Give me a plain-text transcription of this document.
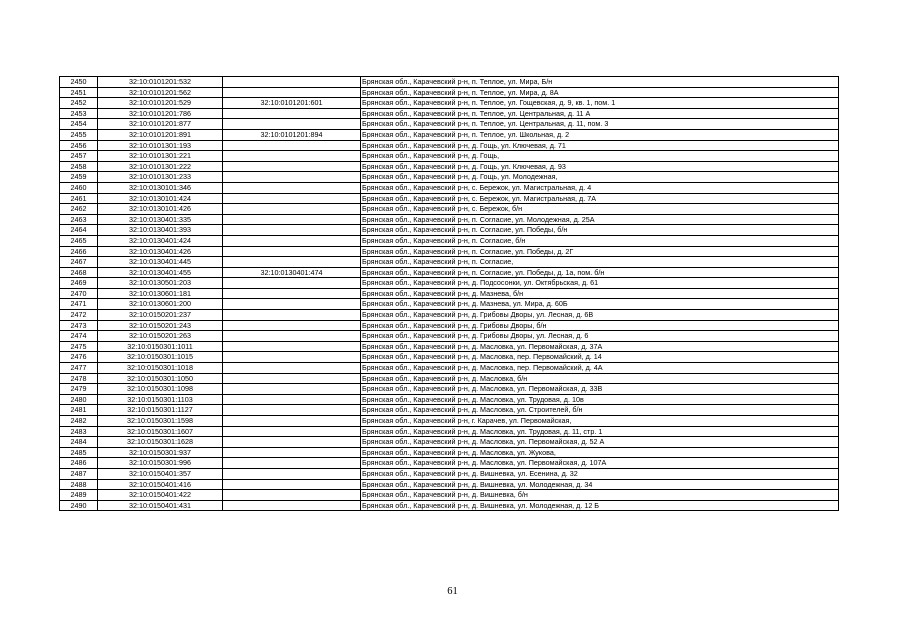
2450	32:10:0101201:532		Брянская обл., Карачевский р-н, п. Теплое, ул. Мира, Б/н
2451	32:10:0101201:562		Брянская обл., Карачевский р-н, п. Теплое, ул. Мира, д. 8А
2452	32:10:0101201:529	32:10:0101201:601	Брянская обл., Карачевский р-н, п. Теплое, ул. Гощевская, д. 9, кв. 1, пом. 1
2453	32:10:0101201:786		Брянская обл., Карачевский р-н, п. Теплое, ул. Центральная, д. 11 А
2454	32:10:0101201:877		Брянская обл., Карачевский р-н, п. Теплое, ул. Центральная, д. 11, пом. 3
2455	32:10:0101201:891	32:10:0101201:894	Брянская обл., Карачевский р-н, п. Теплое, ул. Школьная, д. 2
2456	32:10:0101301:193		Брянская обл., Карачевский р-н, д. Гощь, ул. Ключевая, д. 71
2457	32:10:0101301:221		Брянская обл., Карачевский р-н, д. Гощь,
2458	32:10:0101301:222		Брянская обл., Карачевский р-н, д. Гощь, ул. Ключевая, д. 93
2459	32:10:0101301:233		Брянская обл., Карачевский р-н, д. Гощь, ул. Молодежная,
2460	32:10:0130101:346		Брянская обл., Карачевский р-н, с. Бережок, ул. Магистральная, д. 4
2461	32:10:0130101:424		Брянская обл., Карачевский р-н, с. Бережок, ул. Магистральная, д. 7А
2462	32:10:0130101:426		Брянская обл., Карачевский р-н, с. Бережок, б/н
2463	32:10:0130401:335		Брянская обл., Карачевский р-н, п. Согласие, ул. Молодежная, д. 25А
2464	32:10:0130401:393		Брянская обл., Карачевский р-н, п. Согласие, ул. Победы, б/н
2465	32:10:0130401:424		Брянская обл., Карачевский р-н, п. Согласие, б/н
2466	32:10:0130401:426		Брянская обл., Карачевский р-н, п. Согласие, ул. Победы, д. 2Г
2467	32:10:0130401:445		Брянская обл., Карачевский р-н, п. Согласие,
2468	32:10:0130401:455	32:10:0130401:474	Брянская обл., Карачевский р-н, п. Согласие, ул. Победы, д. 1а, пом. б/н
2469	32:10:0130501:203		Брянская обл., Карачевский р-н, д. Подсосонки, ул. Октябрьская, д. 61
2470	32:10:0130601:181		Брянская обл., Карачевский р-н, д. Мазнева, б/н
2471	32:10:0130601:200		Брянская обл., Карачевский р-н, д. Мазнева, ул. Мира, д. 60Б
2472	32:10:0150201:237		Брянская обл., Карачевский р-н, д. Грибовы Дворы, ул. Лесная, д. 6В
2473	32:10:0150201:243		Брянская обл., Карачевский р-н, д. Грибовы Дворы, б/н
2474	32:10:0150201:263		Брянская обл., Карачевский р-н, д. Грибовы Дворы, ул. Лесная, д. 6
2475	32:10:0150301:1011		Брянская обл., Карачевский р-н, д. Масловка, ул. Первомайская, д. 37А
2476	32:10:0150301:1015		Брянская обл., Карачевский р-н, д. Масловка, пер. Первомайский, д. 14
2477	32:10:0150301:1018		Брянская обл., Карачевский р-н, д. Масловка, пер. Первомайский, д. 4А
2478	32:10:0150301:1050		Брянская обл., Карачевский р-н, д. Масловка, б/н
2479	32:10:0150301:1098		Брянская обл., Карачевский р-н, д. Масловка, ул. Первомайская, д. 33В
2480	32:10:0150301:1103		Брянская обл., Карачевский р-н, д. Масловка, ул. Трудовая, д. 10в
2481	32:10:0150301:1127		Брянская обл., Карачевский р-н, д. Масловка, ул. Строителей, б/н
2482	32:10:0150301:1598		Брянская обл., Карачевский р-н, г. Карачев, ул. Первомайская,
2483	32:10:0150301:1607		Брянская обл., Карачевский р-н, д. Масловка, ул. Трудовая, д. 11, стр. 1
2484	32:10:0150301:1628		Брянская обл., Карачевский р-н, д. Масловка, ул. Первомайская, д. 52 А
2485	32:10:0150301:937		Брянская обл., Карачевский р-н, д. Масловка, ул. Жукова,
2486	32:10:0150301:996		Брянская обл., Карачевский р-н, д. Масловка, ул. Первомайская, д. 107А
2487	32:10:0150401:357		Брянская обл., Карачевский р-н, д. Вишневка, ул. Есенина, д. 32
2488	32:10:0150401:416		Брянская обл., Карачевский р-н, д. Вишневка, ул. Молодежная, д. 34
2489	32:10:0150401:422		Брянская обл., Карачевский р-н, д. Вишневка, б/н
2490	32:10:0150401:431		Брянская обл., Карачевский р-н, д. Вишневка, ул. Молодежная, д. 12 Б
61
